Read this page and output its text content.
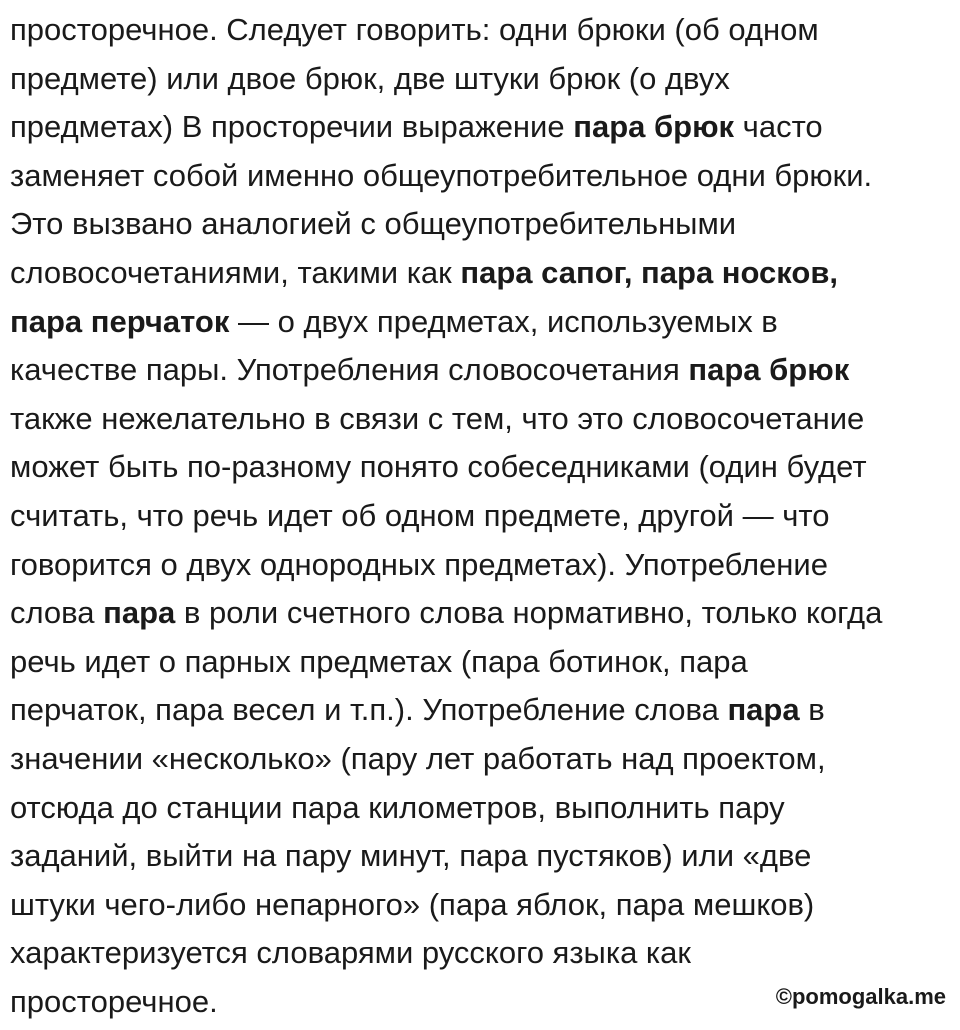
просторечное. Следует говорить: одни брюки (об одном
предмете) или двое брюк, две штуки брюк (о двух
предметах) В просторечии выражение пара брюк часто
заменяет собой именно общеупотребительное одни брюки.
Это вызвано аналогией с общеупотребительными
словосочетаниями, такими как пара сапог, пара носков,
пара перчаток — о двух предметах, используемых в
качестве пары. Употребления словосочетания пара брюк
также нежелательно в связи с тем, что это словосочетание
может быть по-разному понято собеседниками (один будет
считать, что речь идет об одном предмете, другой — что
говорится о двух однородных предметах). Употребление
слова пара в роли счетного слова нормативно, только когда
речь идет о парных предметах (пара ботинок, пара
перчаток, пара весел и т.п.). Употребление слова пара в
значении «несколько» (пару лет работать над проектом,
отсюда до станции пара километров, выполнить пару
заданий, выйти на пару минут, пара пустяков) или «две
штуки чего-либо непарного» (пара яблок, пара мешков)
характеризуется словарями русского языка как
просторечное.	©pomogalka.me
